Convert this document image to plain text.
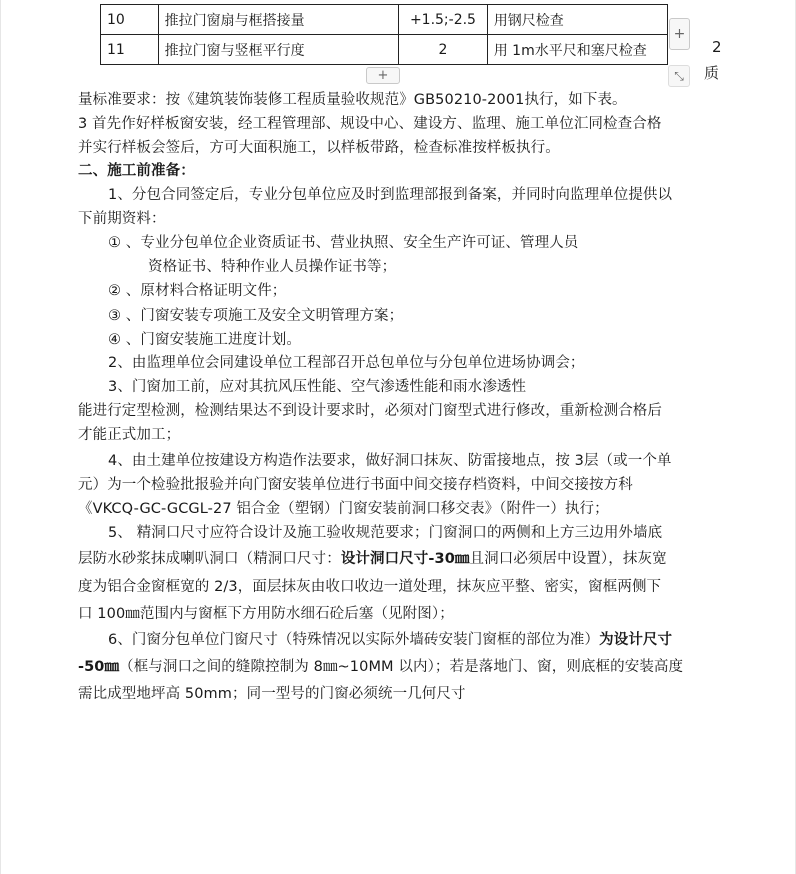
10	推拉门窗扇与框搭接量	+1.5;-2.5	用钢尺检查
11	推拉门窗与竖框平行度	2	用 1m水平尺和塞尺检查
+
+	⤡
2
质
量标准要求：按《建筑装饰装修工程质量验收规范》GB50210-2001执行，如下表。
3 首先作好样板窗安装，经工程管理部、规设中心、建设方、监理、施工单位汇同检查合格
并实行样板会签后，方可大面积施工，以样板带路，检查标准按样板执行。
二、施工前准备：
1、分包合同签定后，专业分包单位应及时到监理部报到备案，并同时向监理单位提供以
下前期资料：
① 、专业分包单位企业资质证书、营业执照、安全生产许可证、管理人员
资格证书、特种作业人员操作证书等；
② 、原材料合格证明文件；
③ 、门窗安装专项施工及安全文明管理方案；
④ 、门窗安装施工进度计划。
2、由监理单位会同建设单位工程部召开总包单位与分包单位进场协调会；
3、门窗加工前，应对其抗风压性能、空气渗透性能和雨水渗透性
能进行定型检测，检测结果达不到设计要求时，必须对门窗型式进行修改，重新检测合格后
才能正式加工；
4、由土建单位按建设方构造作法要求，做好洞口抹灰、防雷接地点，按 3层（或一个单
元）为一个检验批报验并向门窗安装单位进行书面中间交接存档资料，中间交接按方科
《VKCQ-GC-GCGL-27 铝合金（塑钢）门窗安装前洞口移交表》（附件一）执行；
5、 精洞口尺寸应符合设计及施工验收规范要求；门窗洞口的两侧和上方三边用外墙底
层防水砂浆抹成喇叭洞口（精洞口尺寸：设计洞口尺寸-30㎜且洞口必须居中设置），抹灰宽
度为铝合金窗框宽的 2/3，面层抹灰由收口收边一道处理，抹灰应平整、密实，窗框两侧下
口 100㎜范围内与窗框下方用防水细石砼后塞（见附图）；
6、门窗分包单位门窗尺寸（特殊情况以实际外墙砖安装门窗框的部位为准）为设计尺寸
-50㎜（框与洞口之间的缝隙控制为 8㎜~10MM 以内）；若是落地门、窗，则底框的安装高度
需比成型地坪高 50mm；同一型号的门窗必须统一几何尺寸
